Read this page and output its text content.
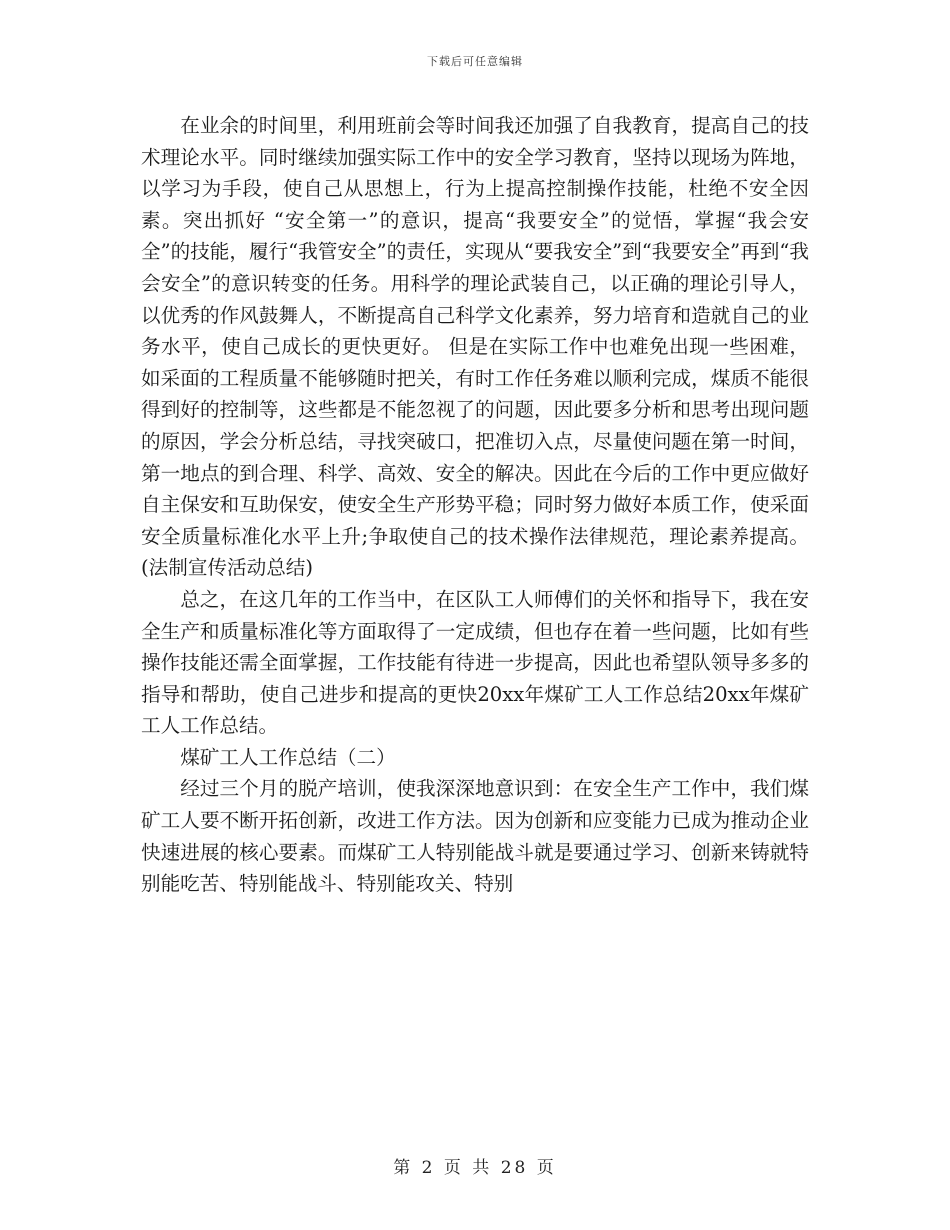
下载后可任意编辑

在业余的时间里，利用班前会等时间我还加强了自我教育，提高自己的技术理论水平。同时继续加强实际工作中的安全学习教育，坚持以现场为阵地，以学习为手段，使自己从思想上，行为上提高控制操作技能，杜绝不安全因素。突出抓好 “安全第一”的意识，提高“我要安全”的觉悟，掌握“我会安全”的技能，履行“我管安全”的责任，实现从“要我安全”到“我要安全”再到“我会安全”的意识转变的任务。用科学的理论武装自己，以正确的理论引导人，以优秀的作风鼓舞人，不断提高自己科学文化素养，努力培育和造就自己的业务水平，使自己成长的更快更好。 但是在实际工作中也难免出现一些困难，如采面的工程质量不能够随时把关，有时工作任务难以顺利完成，煤质不能很得到好的控制等，这些都是不能忽视了的问题，因此要多分析和思考出现问题的原因，学会分析总结，寻找突破口，把准切入点，尽量使问题在第一时间，第一地点的到合理、科学、高效、安全的解决。因此在今后的工作中更应做好自主保安和互助保安，使安全生产形势平稳；同时努力做好本质工作，使采面安全质量标准化水平上升;争取使自己的技术操作法律规范，理论素养提高。(法制宣传活动总结)

总之，在这几年的工作当中，在区队工人师傅们的关怀和指导下，我在安全生产和质量标准化等方面取得了一定成绩，但也存在着一些问题，比如有些操作技能还需全面掌握，工作技能有待进一步提高，因此也希望队领导多多的指导和帮助，使自己进步和提高的更快20xx年煤矿工人工作总结20xx年煤矿工人工作总结。

煤矿工人工作总结（二）

经过三个月的脱产培训，使我深深地意识到：在安全生产工作中，我们煤矿工人要不断开拓创新，改进工作方法。因为创新和应变能力已成为推动企业快速进展的核心要素。而煤矿工人特别能战斗就是要通过学习、创新来铸就特别能吃苦、特别能战斗、特别能攻关、特别

第 2 页 共 28 页
